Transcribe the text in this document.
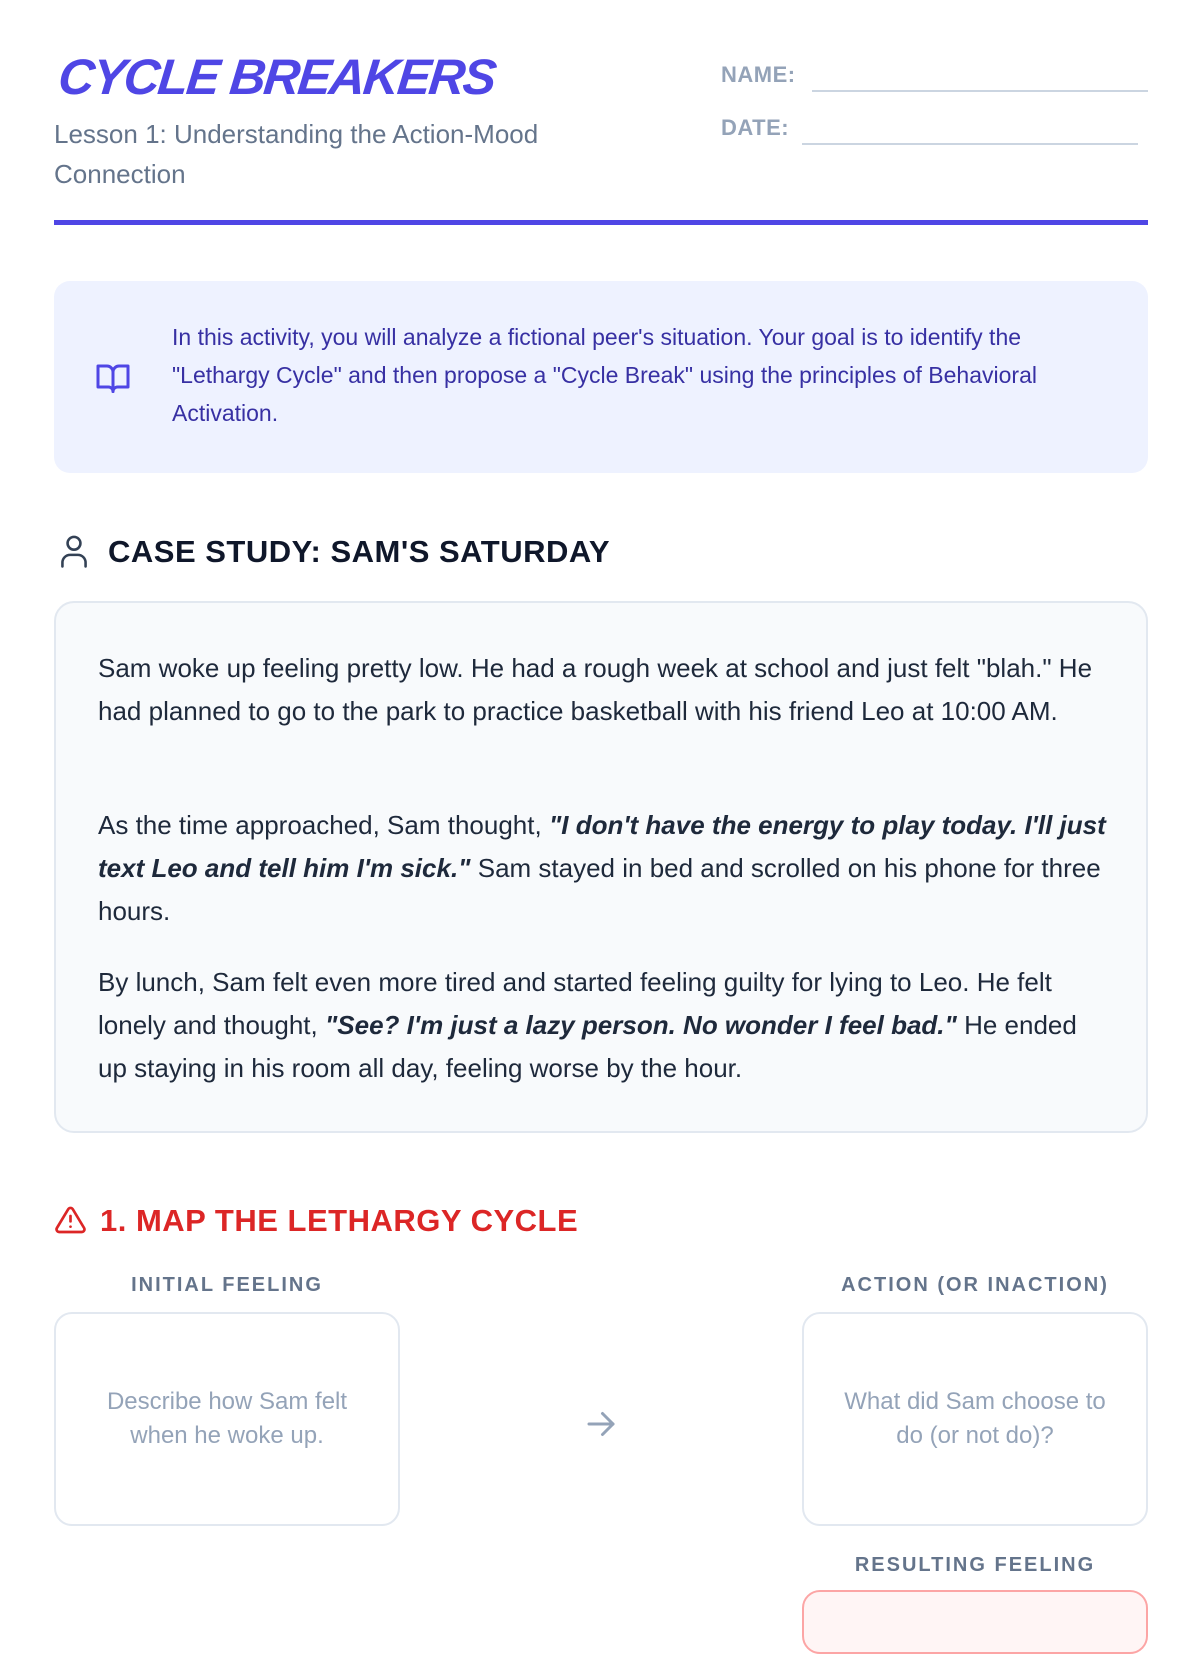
CYCLE BREAKERS
Lesson 1: Understanding the Action-Mood Connection
NAME:
DATE:
In this activity, you will analyze a fictional peer's situation. Your goal is to identify the "Lethargy Cycle" and then propose a "Cycle Break" using the principles of Behavioral Activation.
CASE STUDY: SAM'S SATURDAY

Sam woke up feeling pretty low. He had a rough week at school and just felt "blah." He had planned to go to the park to practice basketball with his friend Leo at 10:00 AM.

As the time approached, Sam thought, "I don't have the energy to play today. I'll just text Leo and tell him I'm sick." Sam stayed in bed and scrolled on his phone for three hours.

By lunch, Sam felt even more tired and started feeling guilty for lying to Leo. He felt lonely and thought, "See? I'm just a lazy person. No wonder I feel bad." He ended up staying in his room all day, feeling worse by the hour.

1. MAP THE LETHARGY CYCLE
INITIAL FEELING
Describe how Sam felt when he woke up.
ACTION (OR INACTION)
What did Sam choose to do (or not do)?
RESULTING FEELING
